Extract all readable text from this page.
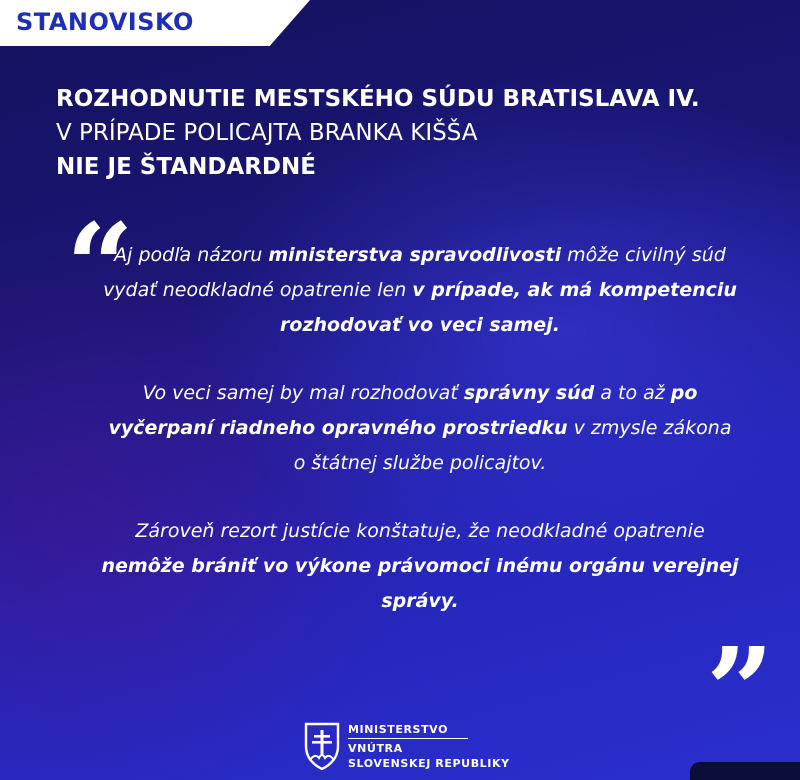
STANOVISKO
ROZHODNUTIE MESTSKÉHO SÚDU BRATISLAVA IV.
V PRÍPADE POLICAJTA BRANKA KIŠŠA
NIE JE ŠTANDARDNÉ
“

Aj podľa názoru ministerstva spravodlivosti môže civilný súd vydať neodkladné opatrenie len v prípade, ak má kompetenciu rozhodovať vo veci samej.

Vo veci samej by mal rozhodovať správny súd a to až po vyčerpaní riadneho opravného prostriedku v zmysle zákona o štátnej službe policajtov.

Zároveň rezort justície konštatuje, že neodkladné opatrenie nemôže brániť vo výkone právomoci inému orgánu verejnej správy.

”
MINISTERSTVO
VNÚTRA
SLOVENSKEJ REPUBLIKY
